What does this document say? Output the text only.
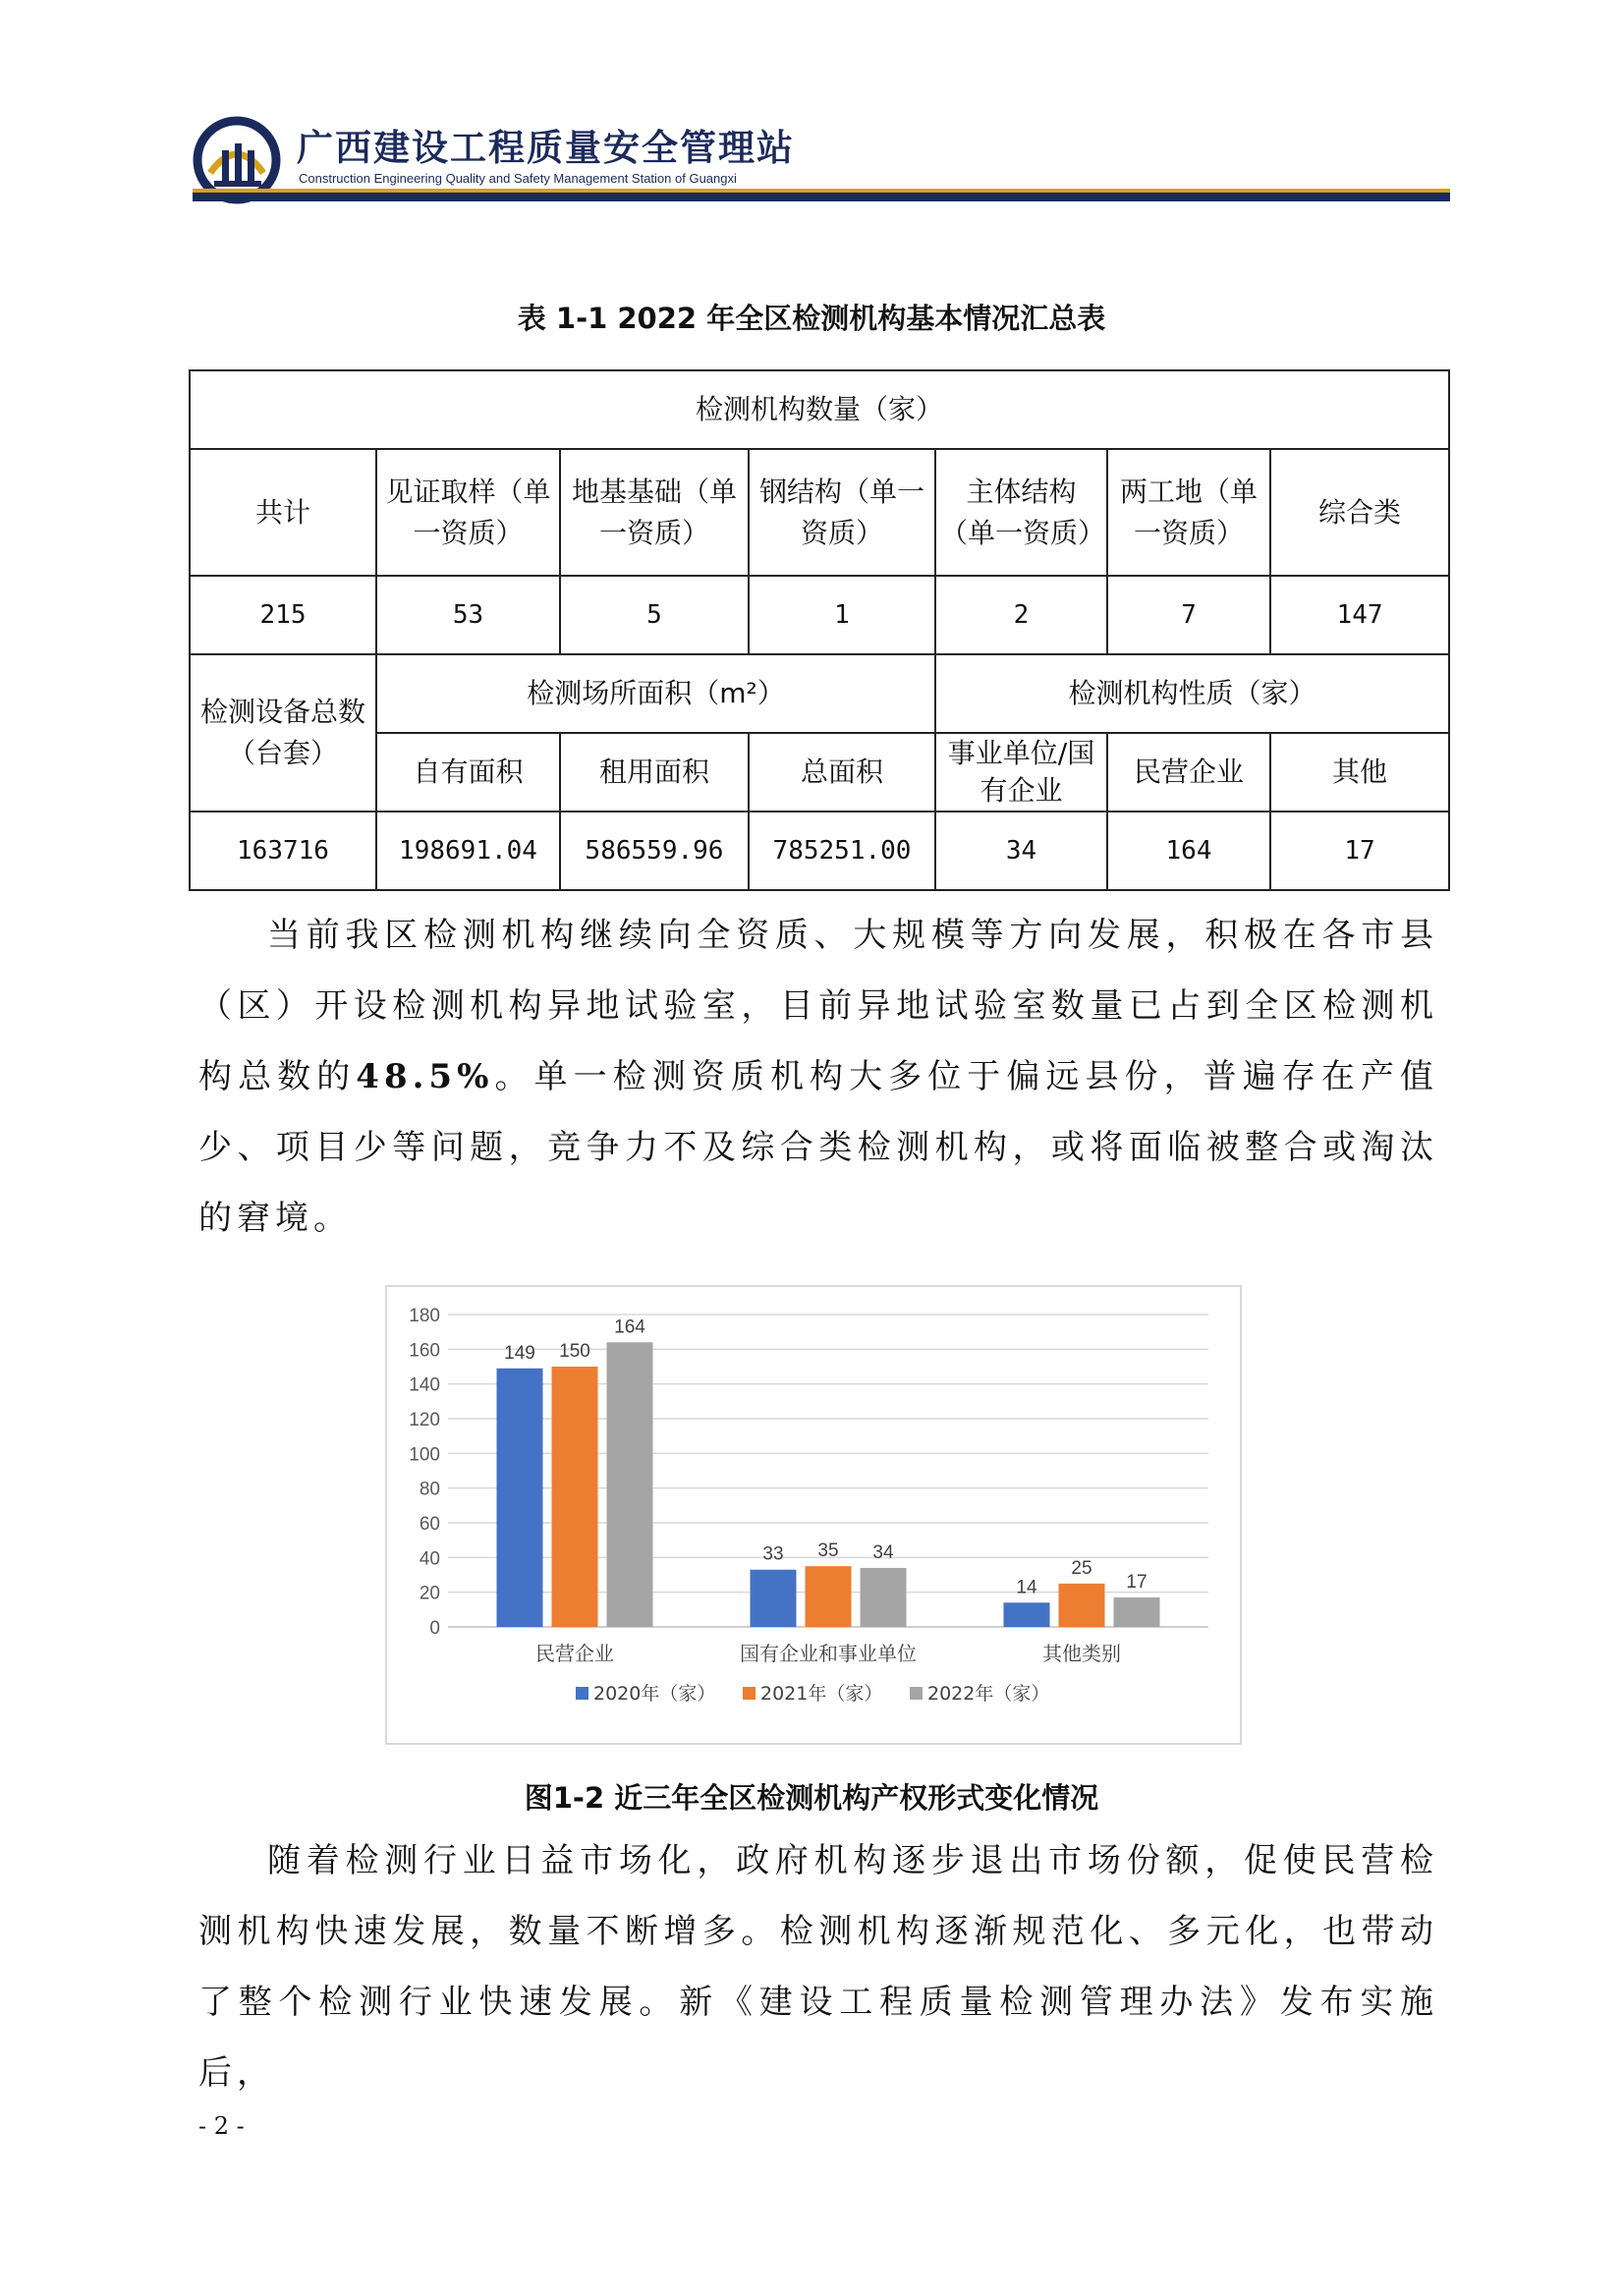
广西建设工程质量安全管理站
Construction Engineering Quality and Safety Management Station of Guangxi
表 1-1 2022 年全区检测机构基本情况汇总表
检测机构数量（家）						
共计	见证取样（单一资质）	地基基础（单一资质）	钢结构（单一资质）	主体结构（单一资质）	两工地（单一资质）	综合类
215	53	5	1	2	7	147
检测设备总数（台套）	检测场所面积（m²）			检测机构性质（家）		
	自有面积	租用面积	总面积	事业单位/国有企业	民营企业	其他
163716	198691.04	586559.96	785251.00	34	164	17

当前我区检测机构继续向全资质、大规模等方向发展，积极在各市县（区）开设检测机构异地试验室，目前异地试验室数量已占到全区检测机构总数的48.5%。单一检测资质机构大多位于偏远县份，普遍存在产值少、项目少等问题，竞争力不及综合类检测机构，或将面临被整合或淘汰的窘境。

0
20
40
60
80
100
120
140
160
180
149 150
164
民营企业
33 35 34
国有企业和事业单位
14
25
17
其他类别
2020年（家） 2021年（家） 2022年（家）
图1-2 近三年全区检测机构产权形式变化情况

随着检测行业日益市场化，政府机构逐步退出市场份额，促使民营检测机构快速发展，数量不断增多。检测机构逐渐规范化、多元化，也带动了整个检测行业快速发展。新《建设工程质量检测管理办法》发布实施后，

- 2 -
